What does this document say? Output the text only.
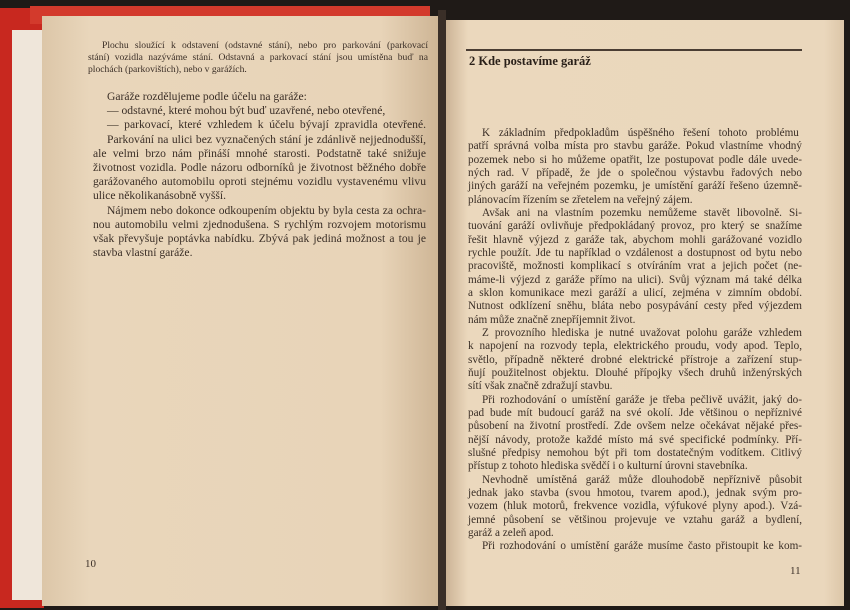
Plochu sloužící k odstavení (odstavné stání), nebo pro parkování (parkovací
stání) vozidla nazýváme stání. Odstavná a parkovací stání jsou umístěna buď na
plochách (parkovištích), nebo v garážích.
Garáže rozdělujeme podle účelu na garáže:
— odstavné, které mohou být buď uzavřené, nebo otevřené,
— parkovací, které vzhledem k účelu bývají zpravidla otevřené.
Parkování na ulici bez vyznačených stání je zdánlivě nejjednodušší,
ale velmi brzo nám přináší mnohé starosti. Podstatně také snižuje
životnost vozidla. Podle názoru odborníků je životnost běžného dobře
garážovaného automobilu oproti stejnému vozidlu vystavenému vlivu
ulice několikanásobně vyšší.
Nájmem nebo dokonce odkoupením objektu by byla cesta za ochra-
nou automobilu velmi zjednodušena. S rychlým rozvojem motorismu
však převyšuje poptávka nabídku. Zbývá pak jediná možnost a tou je
stavba vlastní garáže.
2 Kde postavíme garáž
K základním předpokladům úspěšného řešení tohoto problému
patří správná volba místa pro stavbu garáže. Pokud vlastníme vhodný
pozemek nebo si ho můžeme opatřit, lze postupovat podle dále uvede-
ných rad. V případě, že jde o společnou výstavbu řadových nebo
jiných garáží na veřejném pozemku, je umístění garáží řešeno územně-
plánovacím řízením se zřetelem na veřejný zájem.
Avšak ani na vlastním pozemku nemůžeme stavět libovolně. Si-
tuování garáží ovlivňuje předpokládaný provoz, pro který se snažíme
řešit hlavně výjezd z garáže tak, abychom mohli garážované vozidlo
rychle použít. Jde tu například o vzdálenost a dostupnost od bytu nebo
pracoviště, možnosti komplikací s otvíráním vrat a jejich počet (ne-
máme-li výjezd z garáže přímo na ulici). Svůj význam má také délka
a sklon komunikace mezi garáží a ulicí, zejména v zimním období.
Nutnost odklízení sněhu, bláta nebo posypávání cesty před výjezdem
nám může značně znepříjemnit život.
Z provozního hlediska je nutné uvažovat polohu garáže vzhledem
k napojení na rozvody tepla, elektrického proudu, vody apod. Teplo,
světlo, případně některé drobné elektrické přístroje a zařízení stup-
ňují použitelnost objektu. Dlouhé přípojky všech druhů inženýrských
sítí však značně zdražují stavbu.
Při rozhodování o umístění garáže je třeba pečlivě uvážit, jaký do-
pad bude mít budoucí garáž na své okolí. Jde většinou o nepříznivé
působení na životní prostředí. Zde ovšem nelze očekávat nějaké přes-
nější návody, protože každé místo má své specifické podmínky. Pří-
slušné předpisy nemohou být při tom dostatečným vodítkem. Citlivý
přístup z tohoto hlediska svědčí i o kulturní úrovni stavebníka.
Nevhodně umístěná garáž může dlouhodobě nepříznivě působit
jednak jako stavba (svou hmotou, tvarem apod.), jednak svým pro-
vozem (hluk motorů, frekvence vozidla, výfukové plyny apod.). Vzá-
jemné působení se většinou projevuje ve vztahu garáž a bydlení,
garáž a zeleň apod.
Při rozhodování o umístění garáže musíme často přistoupit ke kom-
10
11
